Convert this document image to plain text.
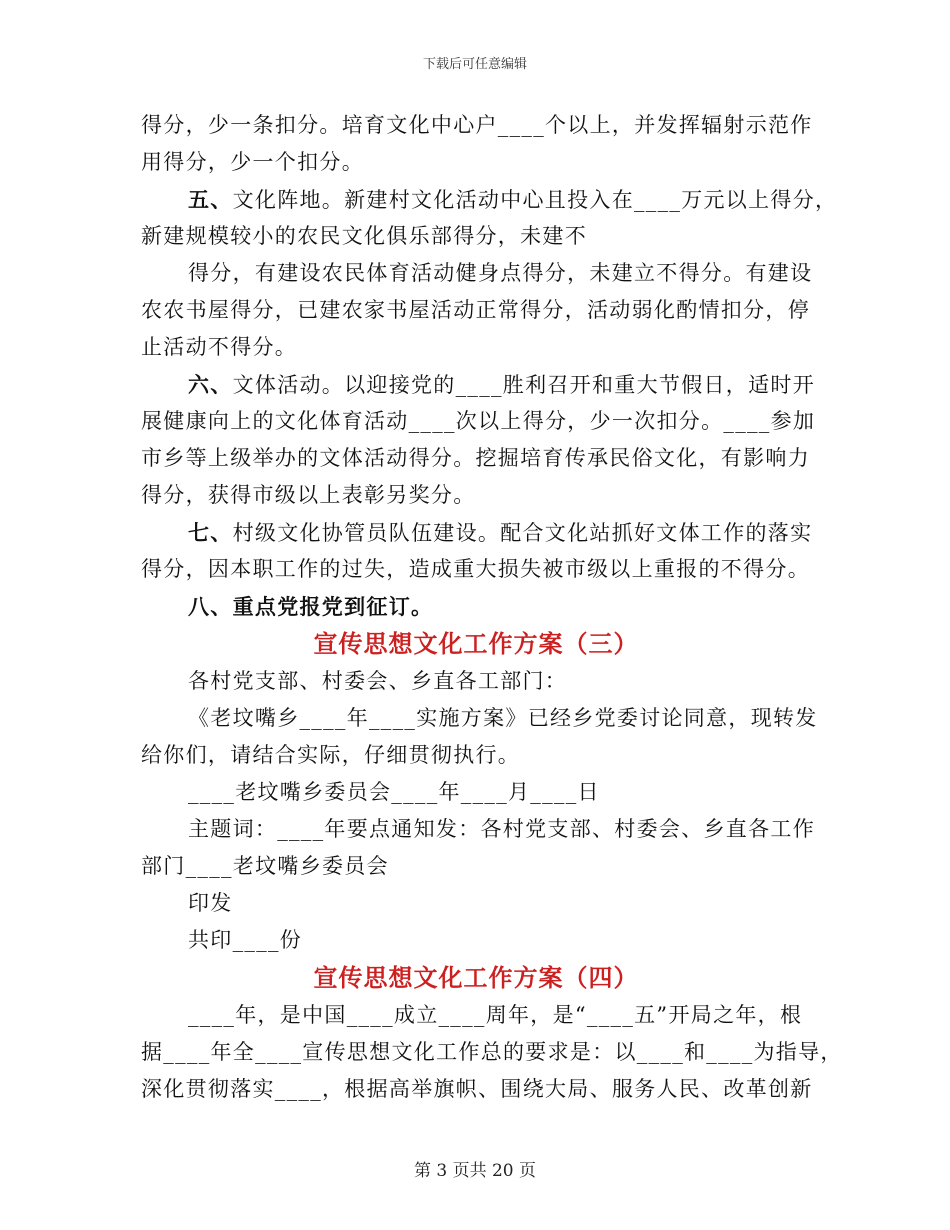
下载后可任意编辑
得分，少一条扣分。培育文化中心户____个以上，并发挥辐射示范作
用得分，少一个扣分。
五、文化阵地。新建村文化活动中心且投入在____万元以上得分，
新建规模较小的农民文化俱乐部得分，未建不
得分，有建设农民体育活动健身点得分，未建立不得分。有建设
农农书屋得分，已建农家书屋活动正常得分，活动弱化酌情扣分，停
止活动不得分。
六、文体活动。以迎接党的____胜利召开和重大节假日，适时开
展健康向上的文化体育活动____次以上得分，少一次扣分。____参加
市乡等上级举办的文体活动得分。挖掘培育传承民俗文化，有影响力
得分，获得市级以上表彰另奖分。
七、村级文化协管员队伍建设。配合文化站抓好文体工作的落实
得分，因本职工作的过失，造成重大损失被市级以上重报的不得分。
八、重点党报党到征订。
宣传思想文化工作方案（三）
各村党支部、村委会、乡直各工部门：
《老坟嘴乡____年____实施方案》已经乡党委讨论同意，现转发
给你们，请结合实际，仔细贯彻执行。
____老坟嘴乡委员会____年____月____日
主题词：____年要点通知发：各村党支部、村委会、乡直各工作
部门____老坟嘴乡委员会
印发
共印____份
宣传思想文化工作方案（四）
____年，是中国____成立____周年，是“____五”开局之年，根
据____年全____宣传思想文化工作总的要求是：以____和____为指导，
深化贯彻落实____，根据高举旗帜、围绕大局、服务人民、改革创新
第 3 页共 20 页
